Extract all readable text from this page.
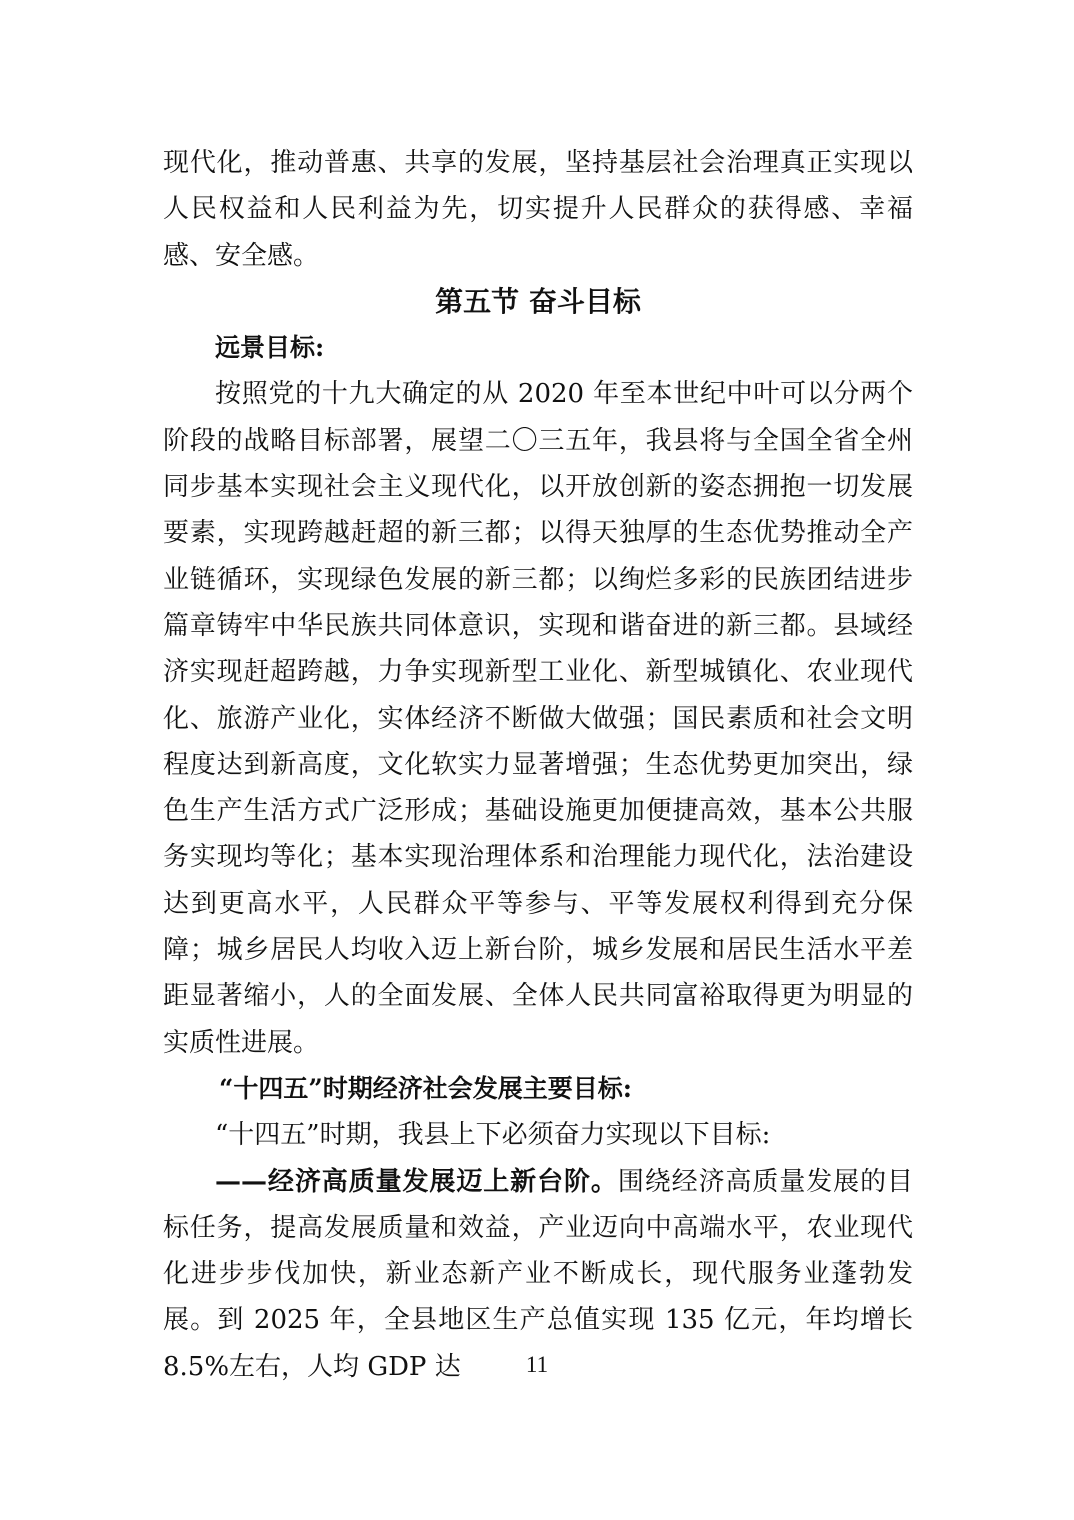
现代化，推动普惠、共享的发展，坚持基层社会治理真正实现以人民权益和人民利益为先，切实提升人民群众的获得感、幸福感、安全感。

第五节 奋斗目标

远景目标:

按照党的十九大确定的从 2020 年至本世纪中叶可以分两个阶段的战略目标部署，展望二〇三五年，我县将与全国全省全州同步基本实现社会主义现代化，以开放创新的姿态拥抱一切发展要素，实现跨越赶超的新三都；以得天独厚的生态优势推动全产业链循环，实现绿色发展的新三都；以绚烂多彩的民族团结进步篇章铸牢中华民族共同体意识，实现和谐奋进的新三都。县域经济实现赶超跨越，力争实现新型工业化、新型城镇化、农业现代化、旅游产业化，实体经济不断做大做强；国民素质和社会文明程度达到新高度，文化软实力显著增强；生态优势更加突出，绿色生产生活方式广泛形成；基础设施更加便捷高效，基本公共服务实现均等化；基本实现治理体系和治理能力现代化，法治建设达到更高水平，人民群众平等参与、平等发展权利得到充分保障；城乡居民人均收入迈上新台阶，城乡发展和居民生活水平差距显著缩小，人的全面发展、全体人民共同富裕取得更为明显的实质性进展。

“十四五”时期经济社会发展主要目标:

“十四五”时期，我县上下必须奋力实现以下目标:

——经济高质量发展迈上新台阶。围绕经济高质量发展的目标任务，提高发展质量和效益，产业迈向中高端水平，农业现代化进步步伐加快，新业态新产业不断成长，现代服务业蓬勃发展。到 2025 年，全县地区生产总值实现 135 亿元，年均增长 8.5%左右，人均 GDP 达	11
